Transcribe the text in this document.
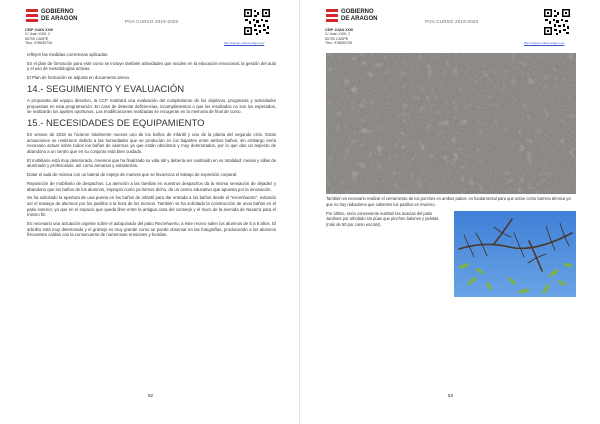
GOBIERNO
DE ARAGON
CEIP JUAN XXIII
C/ Juan XXIII, 2
50700 CASPE
Tfno. 976630726
PGA CURSO 2019-2020
http://cpjuan.educa.aragon.es/

reflejen las medidas correctoras aplicadas.

En el plan de formación para este curso se incluye también actividades que inciden en la educación emocional, la gestión del aula y el uso de metodologías activas.

El Plan de formación se adjunta en documento anexo.

14.- SEGUIMIENTO Y EVALUACIÓN

A propuesta del equipo directivo, la CCP realizará una evaluación del cumplimiento de los objetivos, programas y actividades propuestas en esta programación. En caso de detectar deficiencias, incumplimientos o que los resultados no son los esperados, se realizarán los ajustes oportunos. Las modificaciones realizadas se recogerán en la memoria de final de curso.

15.- NECESIDADES DE EQUIPAMIENTO

En verano de 2018 se hicieron totalmente nuevos uno de los baños de infantil y uno de la planta del segundo ciclo. Estas actuaciones se realizaron debido a las humedades que se producían en los bajantes entre ambos baños, sin embargo sería necesario actuar sobre todos los baños de alumnos ya que están obsoletos y muy deteriorados, por lo que dan un aspecto de abandono a un centro que en su conjunto está bien cuidado.

El mobiliario está muy deteriorado, creemos que ha finalizado su vida útil y debería ser sustituido en su totalidad: mesas y sillas de alumnado y profesorado, así como armarios y estanterías.

Dotar el aula de música con un lateral de espejo de manera que se favorezca el trabajo de expresión corporal.

Reposición de mobiliario de despachos. La atención a las familias en nuestros despachos da la misma sensación de dejadez y abandono que los baños de los alumnos, impropio como ya hemos dicho, de un centro educativo que apuesta por la innovación.

Se ha solicitado la apertura de una puerta en los baños de infantil para dar entrada a los baños desde el "escenhuerto", evitando así el trasiego de alumnos por los pasillos a la hora de los recreos. También se ha solicitado la construcción de unos baños en el patio exterior, ya que en el espacio que queda libre entre la antigua casa del conserje y el muro de la avenida de Navarra para el mismo fin.

Es necesario una actuación urgente sobre el adoquinado del patio Recrehuerto, a este recreo salen los alumnos de 5 a 8 años. El arbolito está muy deteriorado y el granejo es muy grande como se puede observar en las fotografías, produciendo a los alumnos frecuentes caídas con la consecuente de numerosas erosiones y heridas.

52
GOBIERNO
DE ARAGON
CEIP JUAN XXIII
C/ Juan XXIII, 2
50700 CASPE
Tfno. 976630726
PGA CURSO 2019-2020
http://cpjuan.educa.aragon.es/

También es necesario realizar el cerramiento de los porches en ambos patios, es fundamental para que actúe como barrera térmica ya que no hay radiadores que calienten los pasillos en invierno.

Por último, sería conveniente sustituir las acacias del patio Jardines por arbolado sin púas que pinchen balones y pelotas (más de 50 por curso escolar).

53
